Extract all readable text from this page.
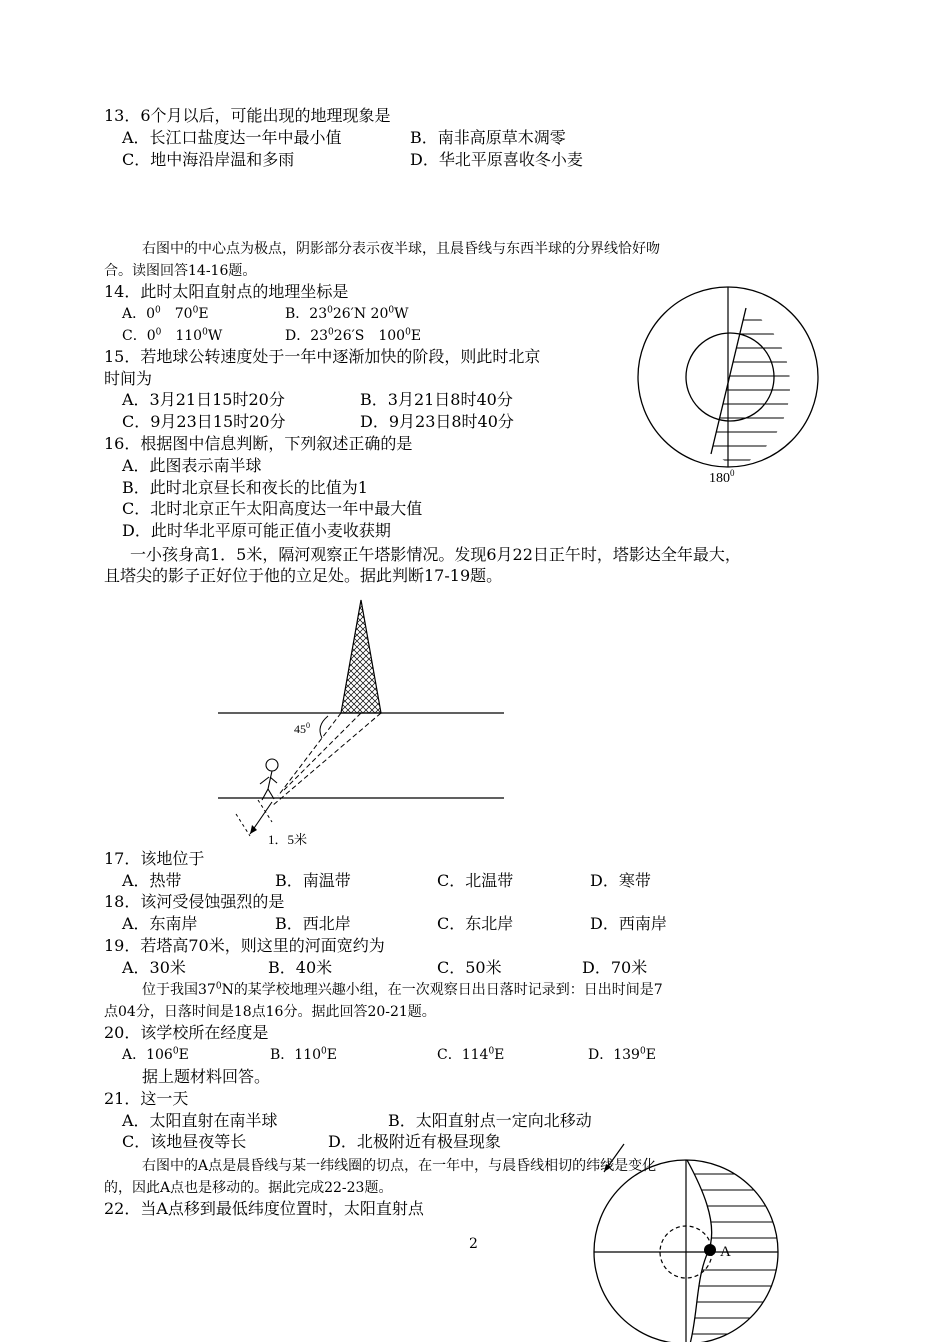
13．6个月以后，可能出现的地理现象是
A．长江口盐度达一年中最小值	B．南非高原草木凋零
C．地中海沿岸温和多雨	D．华北平原喜收冬小麦
右图中的中心点为极点，阴影部分表示夜半球，且晨昏线与东西半球的分界线恰好吻
合。读图回答14-16题。
14．此时太阳直射点的地理坐标是
A．$0^0$　$70^0E$	B．$23^026'N$ $20^0W$
C．$0^0$　$110^0W$	D．$23^026'S$　$100^0E$
15．若地球公转速度处于一年中逐渐加快的阶段，则此时北京
时间为
A．3月21日15时20分	B．3月21日8时40分
C．9月23日15时20分	D．9月23日8时40分
16．根据图中信息判断，下列叙述正确的是
A．此图表示南半球
B．此时北京昼长和夜长的比值为1
C．北时北京正午太阳高度达一年中最大值
D．此时华北平原可能正值小麦收获期
$180^0$
一小孩身高1．5米，隔河观察正午塔影情况。发现6月22日正午时，塔影达全年最大，
且塔尖的影子正好位于他的立足处。据此判断17-19题。
$45^0$
1．5米
17．该地位于
A．热带	B．南温带	C．北温带	D．寒带
18．该河受侵蚀强烈的是
A．东南岸	B．西北岸	C．东北岸	D．西南岸
19．若塔高70米，则这里的河面宽约为
A．30米	B．40米	C．50米	D．70米
位于我国$37^0N$的某学校地理兴趣小组，在一次观察日出日落时记录到：日出时间是7
点04分，日落时间是18点16分。据此回答20-21题。
20．该学校所在经度是
A．$106^0E$	B．$110^0E$	C．$114^0E$	D．$139^0E$
据上题材料回答。
21．这一天
A．太阳直射在南半球	B．太阳直射点一定向北移动
C．该地昼夜等长	D．北极附近有极昼现象
A
右图中的A点是晨昏线与某一纬线圈的切点，在一年中，与晨昏线相切的纬线是变化
的，因此A点也是移动的。据此完成22-23题。
22．当A点移到最低纬度位置时，太阳直射点
2
